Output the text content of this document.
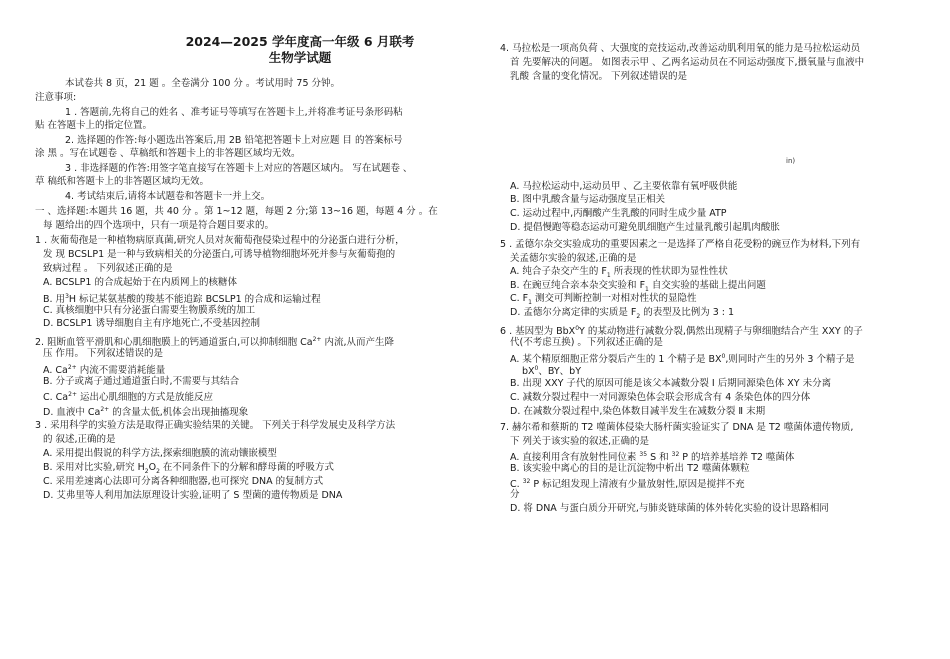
2024—2025 学年度高一年级 6 月联考
生物学试题
本试卷共 8 页，21 题 。全卷满分 100 分 。考试用时 75 分钟。
注意事项:
1 . 答题前,先将自己的姓名 、准考证号等填写在答题卡上,并将准考证号条形码粘
贴 在答题卡上的指定位置。
2. 选择题的作答:每小题选出答案后,用 2B 铅笔把答题卡上对应题 目 的答案标号
涂 黑 。写在试题卷 、草稿纸和答题卡上的非答题区域均无效。
3 . 非选择题的作答:用签字笔直接写在答题卡上对应的答题区域内。 写在试题卷 、
草 稿纸和答题卡上的非答题区域均无效。
4. 考试结束后,请将本试题卷和答题卡一并上交。
一 、选择题:本题共 16 题，共 40 分 。第 1~12 题，每题 2 分;第 13~16 题，每题 4 分 。在
每 题给出的四个选项中，只有一项是符合题目要求的。
1 . 灰葡萄孢是一种植物病原真菌,研究人员对灰葡萄孢侵染过程中的分泌蛋白进行分析，
发 现 BCSLP1 是一种与致病相关的分泌蛋白,可诱导植物细胞坏死并参与灰葡萄孢的
致病过程 。 下列叙述正确的是
A. BCSLP1 的合成起始于在内质网上的核糖体
B. 用$^3$H 标记某氨基酸的羧基不能追踪 BCSLP1 的合成和运输过程
C. 真核细胞中只有分泌蛋白需要生物膜系统的加工
D. BCSLP1 诱导细胞自主有序地死亡,不受基因控制
2. 阻断血管平滑肌和心肌细胞膜上的钙通道蛋白,可以抑制细胞 $Ca^{2+}$ 内流,从而产生降
压 作用。 下列叙述错误的是
A. $Ca^{2+}$ 内流不需要消耗能量
B. 分子或离子通过通道蛋白时,不需要与其结合
C. $Ca^{2+}$ 运出心肌细胞的方式是放能反应
D. 血液中 $Ca^{2+}$ 的含量太低,机体会出现抽搐现象
3 . 采用科学的实验方法是取得正确实验结果的关键。 下列关于科学发展史及科学方法
的 叙述,正确的是
A. 采用提出假说的科学方法,探索细胞膜的流动镶嵌模型
B. 采用对比实验,研究 $H_2O_2$ 在不同条件下的分解和酵母菌的呼吸方式
C. 采用差速离心法即可分离各种细胞器,也可探究 DNA 的复制方式
D. 艾弗里等人利用加法原理设计实验,证明了 S 型菌的遗传物质是 DNA
4. 马拉松是一项高负荷 、大强度的竞技运动,改善运动肌利用氧的能力是马拉松运动员
首 先要解决的问题。 如图表示甲 、乙两名运动员在不同运动强度下,摄氧量与血液中
乳酸 含量的变化情况。 下列叙述错误的是
in)
A. 马拉松运动中,运动员甲 、乙主要依靠有氧呼吸供能
B. 图中乳酸含量与运动强度呈正相关
C. 运动过程中,丙酮酸产生乳酸的同时生成少量 ATP
D. 提倡慢跑等稳态运动可避免肌细胞产生过量乳酸引起肌肉酸胀
5 . 孟德尔杂交实验成功的重要因素之一是选择了严格自花受粉的豌豆作为材料,下列有
关孟德尔实验的叙述,正确的是
A. 纯合子杂交产生的 $F_1$ 所表现的性状即为显性性状
B. 在豌豆纯合亲本杂交实验和 $F_1$ 自交实验的基础上提出问题
C. $F_1$ 测交可判断控制一对相对性状的显隐性
D. 孟德尔分离定律的实质是 $F_2$ 的表型及比例为 3 : 1
6 . 基因型为 BbX$^0$Y 的某动物进行减数分裂,偶然出现精子与卵细胞结合产生 XXY 的子
代(不考虑互换) 。下列叙述正确的是
A. 某个精原细胞正常分裂后产生的 1 个精子是 $BX^0$,则同时产生的另外 3 个精子是
$bX^0$、BY、bY
B. 出现 XXY 子代的原因可能是该父本减数分裂 Ⅰ 后期同源染色体 XY 未分离
C. 减数分裂过程中一对同源染色体会联会形成含有 4 条染色体的四分体
D. 在减数分裂过程中,染色体数目减半发生在减数分裂 Ⅱ 末期
7. 赫尔希和蔡斯的 T2 噬菌体侵染大肠杆菌实验证实了 DNA 是 T2 噬菌体遗传物质,
下 列关于该实验的叙述,正确的是
A. 直接利用含有放射性同位素 $^{35}$ S 和 $^{32}$ P 的培养基培养 T2 噬菌体
B. 该实验中离心的目的是让沉淀物中析出 T2 噬菌体颗粒
C. $^{32}$ P 标记组发现上清液有少量放射性,原因是搅拌不充
分
D. 将 DNA 与蛋白质分开研究,与肺炎链球菌的体外转化实验的设计思路相同
